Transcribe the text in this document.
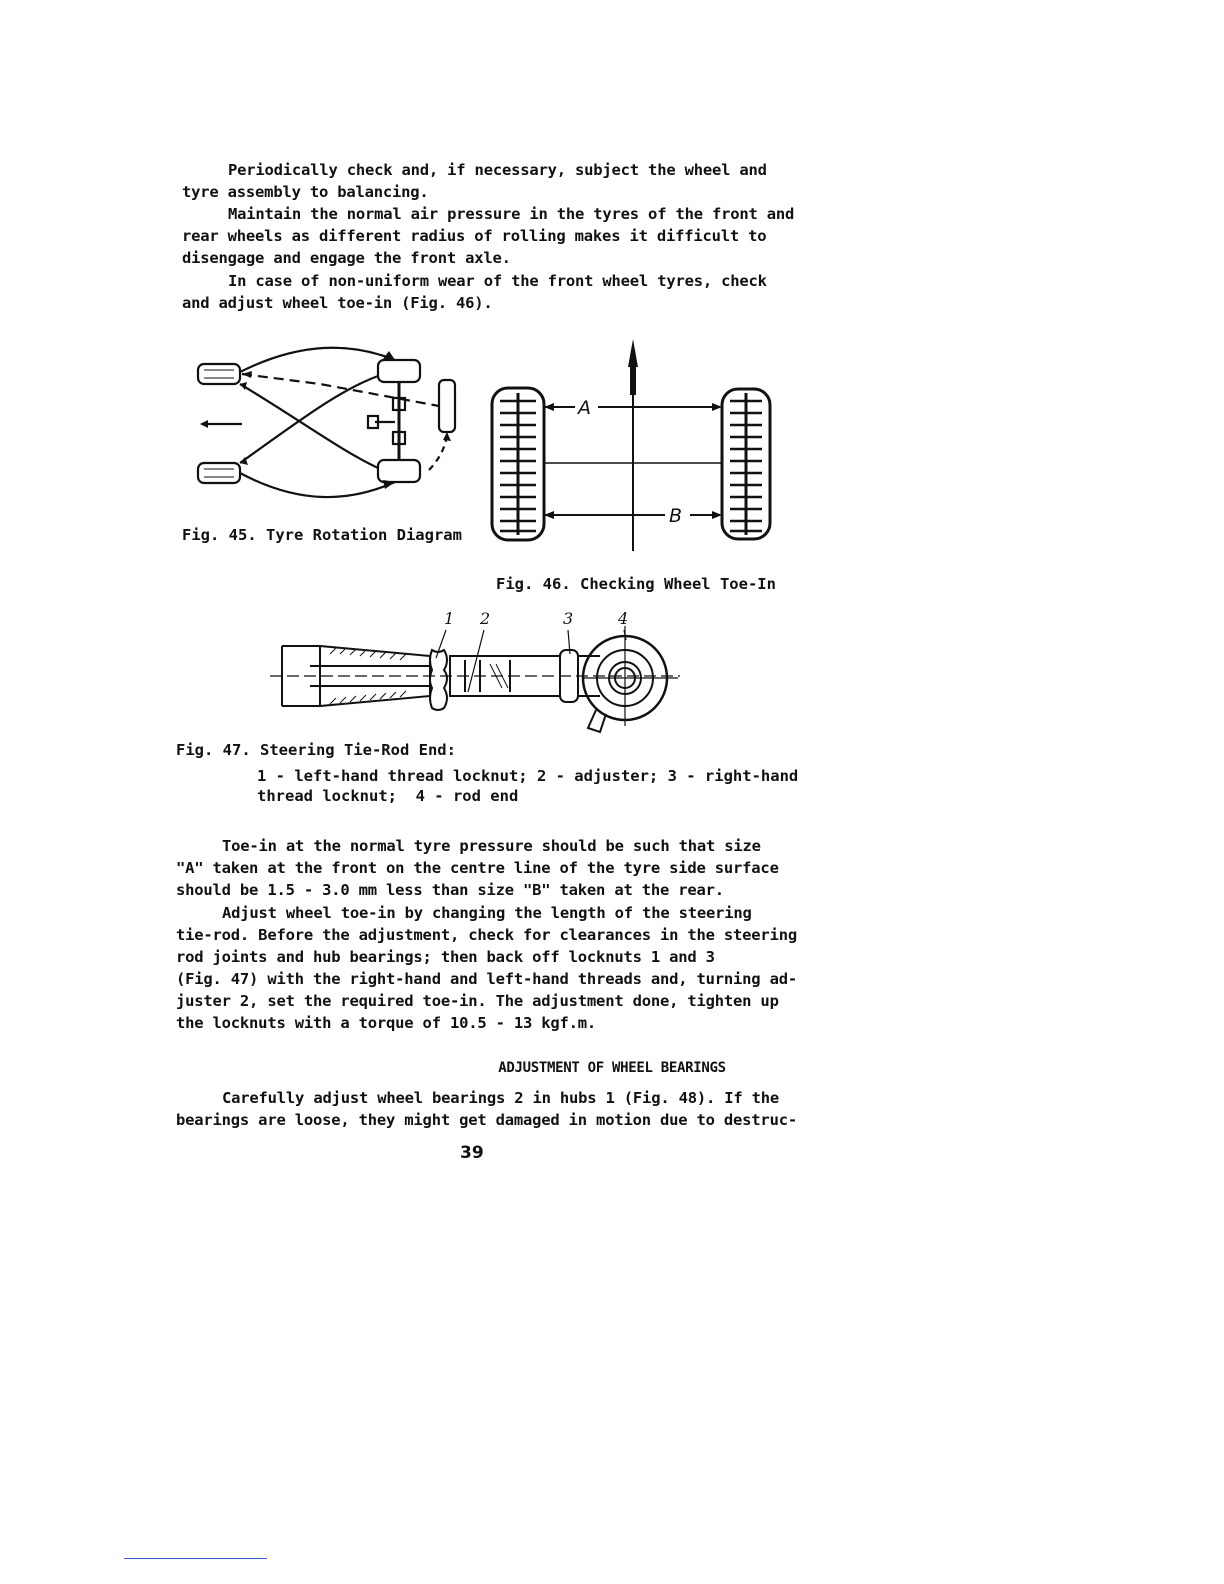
Periodically check and, if necessary, subject the wheel and
tyre assembly to balancing.
Maintain the normal air pressure in the tyres of the front and
rear wheels as different radius of rolling makes it difficult to
disengage and engage the front axle.
In case of non-uniform wear of the front wheel tyres, check
and adjust wheel toe-in (Fig. 46).
Fig. 45. Tyre Rotation Diagram
A
B
Fig. 46. Checking Wheel Toe-In
1 2	3	4
Fig. 47. Steering Tie-Rod End:
1 - left-hand thread locknut; 2 - adjuster; 3 - right-hand
thread locknut;  4 - rod end
Toe-in at the normal tyre pressure should be such that size
"A" taken at the front on the centre line of the tyre side surface
should be 1.5 - 3.0 mm less than size "B" taken at the rear.
Adjust wheel toe-in by changing the length of the steering
tie-rod. Before the adjustment, check for clearances in the steering
rod joints and hub bearings; then back off locknuts 1 and 3
(Fig. 47) with the right-hand and left-hand threads and, turning ad-
juster 2, set the required toe-in. The adjustment done, tighten up
the locknuts with a torque of 10.5 - 13 kgf.m.
ADJUSTMENT OF WHEEL BEARINGS
Carefully adjust wheel bearings 2 in hubs 1 (Fig. 48). If the
bearings are loose, they might get damaged in motion due to destruc-
39
